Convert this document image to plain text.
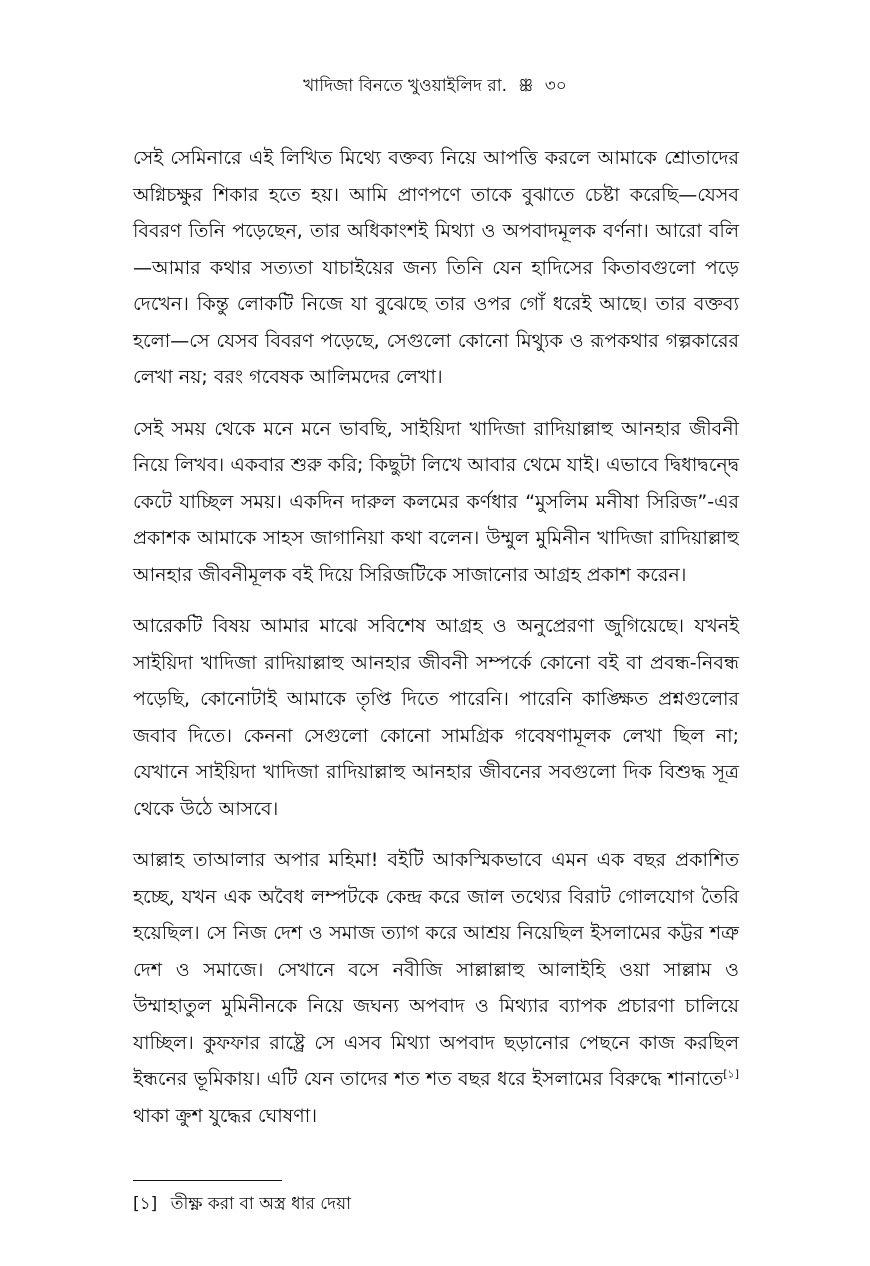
খাদিজা বিনতে খুওয়াইলিদ রা. ꕥ ৩০

সেই সেমিনারে এই লিখিত মিথ্যে বক্তব্য নিয়ে আপত্তি করলে আমাকে শ্রোতাদের অগ্নিচক্ষুর শিকার হতে হয়। আমি প্রাণপণে তাকে বুঝাতে চেষ্টা করেছি—যেসব বিবরণ তিনি পড়েছেন, তার অধিকাংশই মিথ্যা ও অপবাদমূলক বর্ণনা। আরো বলি—আমার কথার সত্যতা যাচাইয়ের জন্য তিনি যেন হাদিসের কিতাবগুলো পড়ে দেখেন। কিন্তু লোকটি নিজে যা বুঝেছে তার ওপর গোঁ ধরেই আছে। তার বক্তব্য হলো—সে যেসব বিবরণ পড়েছে, সেগুলো কোনো মিথ্যুক ও রূপকথার গল্পকারের লেখা নয়; বরং গবেষক আলিমদের লেখা।

সেই সময় থেকে মনে মনে ভাবছি, সাইয়িদা খাদিজা রাদিয়াল্লাহু আনহার জীবনী নিয়ে লিখব। একবার শুরু করি; কিছুটা লিখে আবার থেমে যাই। এভাবে দ্বিধাদ্বন্দ্বে কেটে যাচ্ছিল সময়। একদিন দারুল কলমের কর্ণধার “মুসলিম মনীষা সিরিজ”-এর প্রকাশক আমাকে সাহস জাগানিয়া কথা বলেন। উম্মুল মুমিনীন খাদিজা রাদিয়াল্লাহু আনহার জীবনীমূলক বই দিয়ে সিরিজটিকে সাজানোর আগ্রহ প্রকাশ করেন।

আরেকটি বিষয় আমার মাঝে সবিশেষ আগ্রহ ও অনুপ্রেরণা জুগিয়েছে। যখনই সাইয়িদা খাদিজা রাদিয়াল্লাহু আনহার জীবনী সম্পর্কে কোনো বই বা প্রবন্ধ-নিবন্ধ পড়েছি, কোনোটাই আমাকে তৃপ্তি দিতে পারেনি। পারেনি কাঙ্ক্ষিত প্রশ্নগুলোর জবাব দিতে। কেননা সেগুলো কোনো সামগ্রিক গবেষণামূলক লেখা ছিল না; যেখানে সাইয়িদা খাদিজা রাদিয়াল্লাহু আনহার জীবনের সবগুলো দিক বিশুদ্ধ সূত্র থেকে উঠে আসবে।

আল্লাহ তাআলার অপার মহিমা! বইটি আকস্মিকভাবে এমন এক বছর প্রকাশিত হচ্ছে, যখন এক অবৈধ লম্পটকে কেন্দ্র করে জাল তথ্যের বিরাট গোলযোগ তৈরি হয়েছিল। সে নিজ দেশ ও সমাজ ত্যাগ করে আশ্রয় নিয়েছিল ইসলামের কট্টর শত্রু দেশ ও সমাজে। সেখানে বসে নবীজি সাল্লাল্লাহু আলাইহি ওয়া সাল্লাম ও উম্মাহাতুল মুমিনীনকে নিয়ে জঘন্য অপবাদ ও মিথ্যার ব্যাপক প্রচারণা চালিয়ে যাচ্ছিল। কুফফার রাষ্ট্রে সে এসব মিথ্যা অপবাদ ছড়ানোর পেছনে কাজ করছিল ইন্ধনের ভূমিকায়। এটি যেন তাদের শত শত বছর ধরে ইসলামের বিরুদ্ধে শানাতে[১] থাকা ক্রুশ যুদ্ধের ঘোষণা।

[১] তীক্ষ্ণ করা বা অস্ত্র ধার দেয়া
